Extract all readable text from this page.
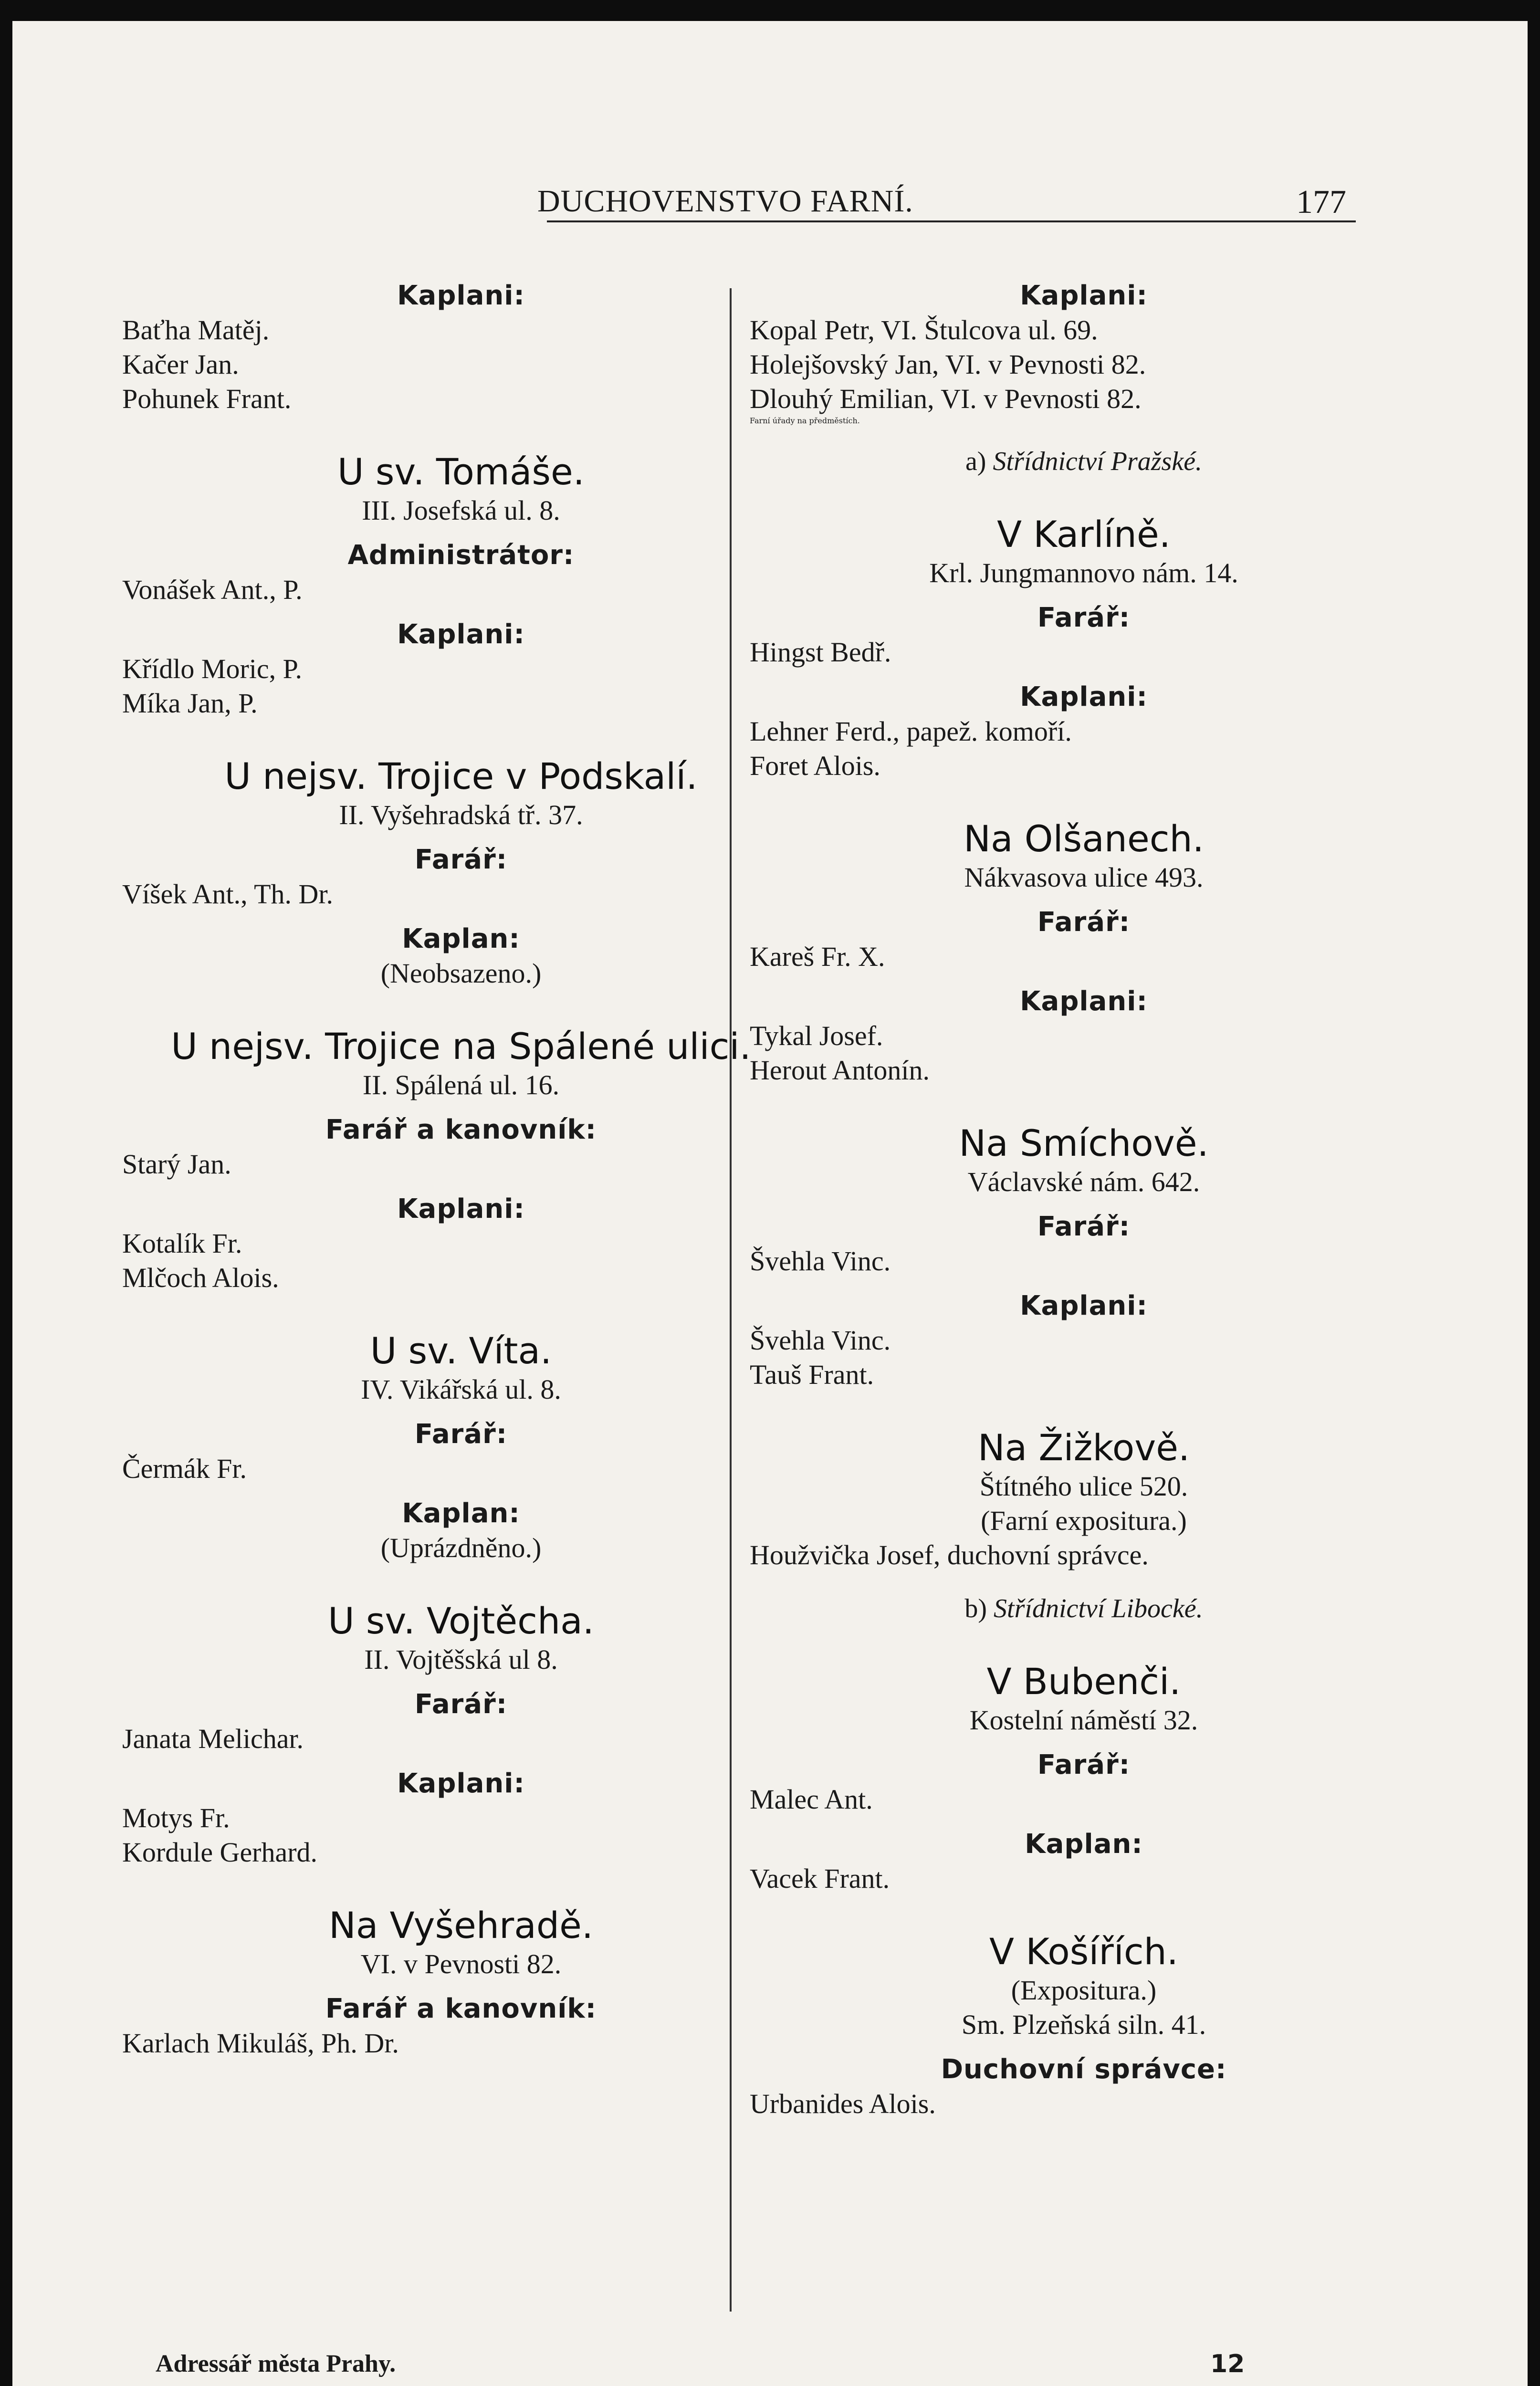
DUCHOVENSTVO FARNÍ.	177
Kaplani:
Baťha Matěj.
Kačer Jan.
Pohunek Frant.
U sv. Tomáše.
III. Josefská ul. 8.
Administrátor:
Vonášek Ant., P.
Kaplani:
Křídlo Moric, P.
Míka Jan, P.
U nejsv. Trojice v Podskalí.
II. Vyšehradská tř. 37.
Farář:
Víšek Ant., Th. Dr.
Kaplan:
(Neobsazeno.)
U nejsv. Trojice na Spálené ulici.
II. Spálená ul. 16.
Farář a kanovník:
Starý Jan.
Kaplani:
Kotalík Fr.
Mlčoch Alois.
U sv. Víta.
IV. Vikářská ul. 8.
Farář:
Čermák Fr.
Kaplan:
(Uprázdněno.)
U sv. Vojtěcha.
II. Vojtěšská ul 8.
Farář:
Janata Melichar.
Kaplani:
Motys Fr.
Kordule Gerhard.
Na Vyšehradě.
VI. v Pevnosti 82.
Farář a kanovník:
Karlach Mikuláš, Ph. Dr.
Kaplani:
Kopal Petr, VI. Štulcova ul. 69.
Holejšovský Jan, VI. v Pevnosti 82.
Dlouhý Emilian, VI. v Pevnosti 82.
Farní úřady na předměstích.
a) Střídnictví Pražské.
V Karlíně.
Krl. Jungmannovo nám. 14.
Farář:
Hingst Bedř.
Kaplani:
Lehner Ferd., papež. komoří.
Foret Alois.
Na Olšanech.
Nákvasova ulice 493.
Farář:
Kareš Fr. X.
Kaplani:
Tykal Josef.
Herout Antonín.
Na Smíchově.
Václavské nám. 642.
Farář:
Švehla Vinc.
Kaplani:
Švehla Vinc.
Tauš Frant.
Na Žižkově.
Štítného ulice 520.
(Farní expositura.)
Houžvička Josef, duchovní správce.
b) Střídnictví Libocké.
V Bubenči.
Kostelní náměstí 32.
Farář:
Malec Ant.
Kaplan:
Vacek Frant.
V Košířích.
(Expositura.)
Sm. Plzeňská siln. 41.
Duchovní správce:
Urbanides Alois.
Adressář města Prahy.	12
